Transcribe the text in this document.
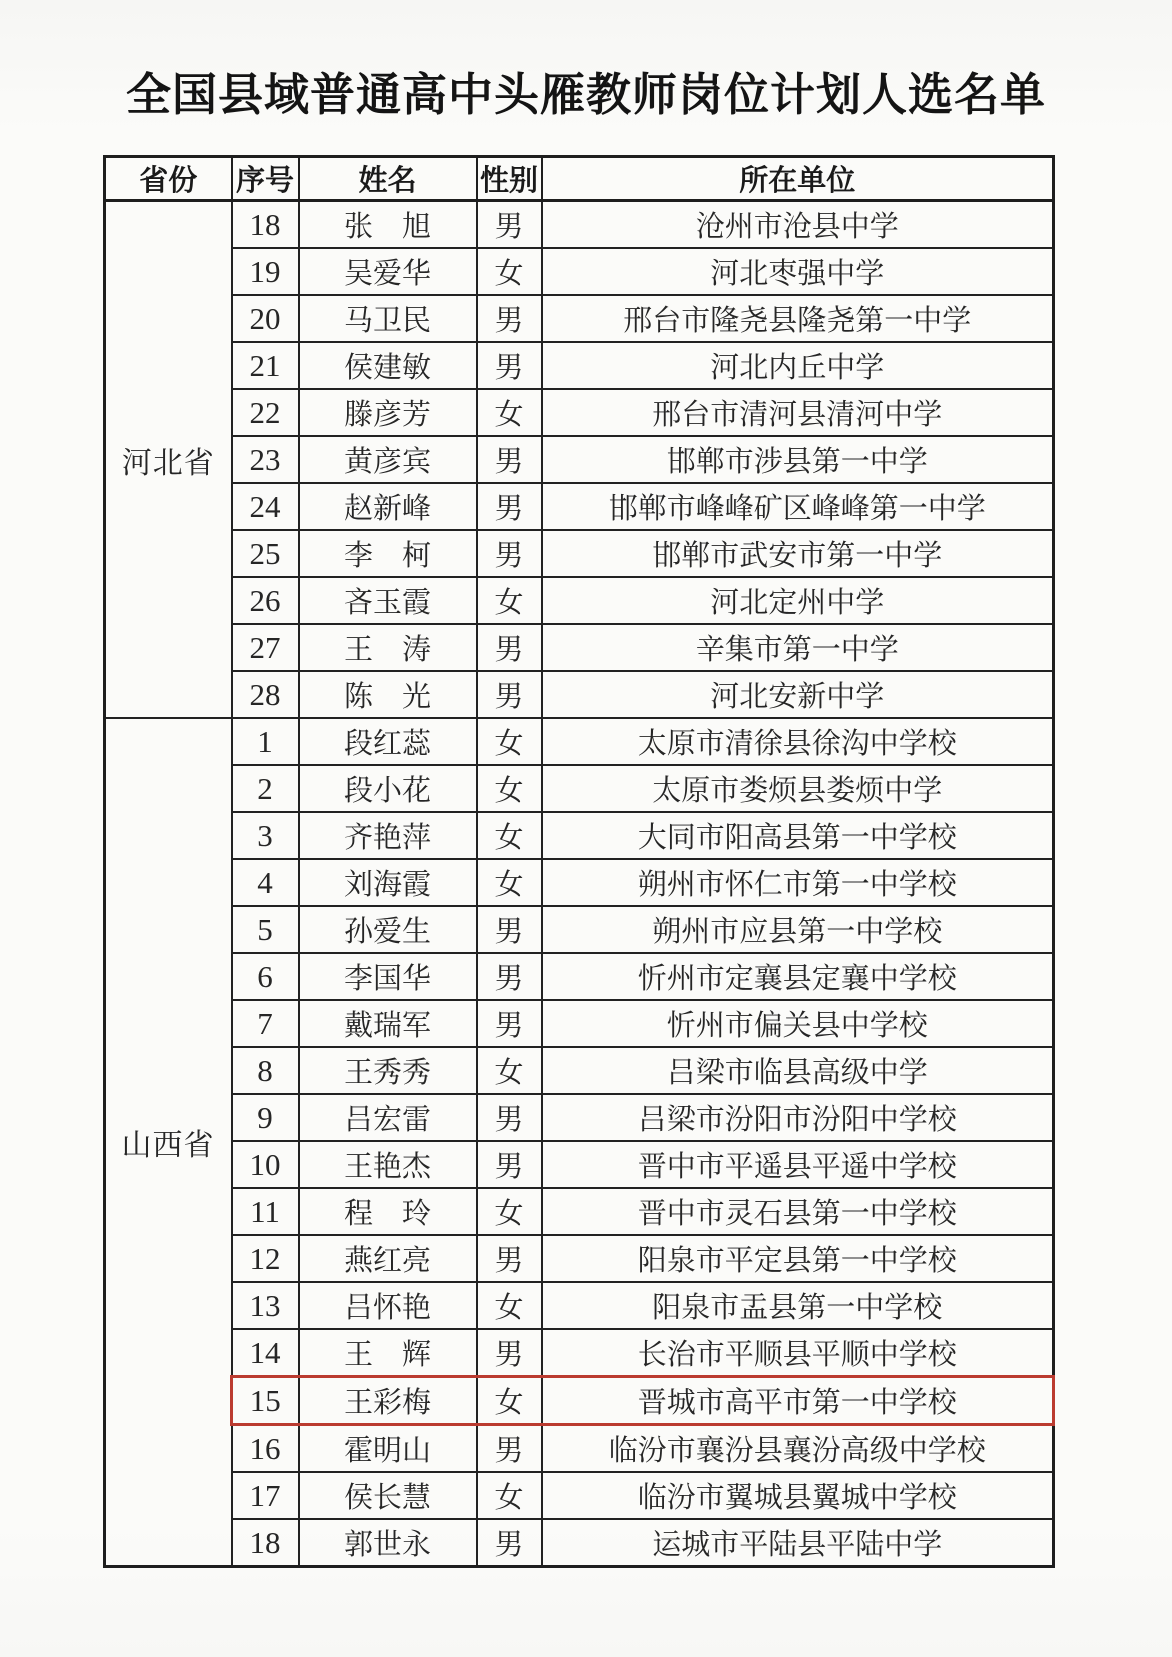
全国县域普通高中头雁教师岗位计划人选名单
省份	序号	姓名	性别	所在单位
河北省	18	张　旭	男	沧州市沧县中学
	19	吴爱华	女	河北枣强中学
	20	马卫民	男	邢台市隆尧县隆尧第一中学
	21	侯建敏	男	河北内丘中学
	22	滕彦芳	女	邢台市清河县清河中学
	23	黄彦宾	男	邯郸市涉县第一中学
	24	赵新峰	男	邯郸市峰峰矿区峰峰第一中学
	25	李　柯	男	邯郸市武安市第一中学
	26	吝玉霞	女	河北定州中学
	27	王　涛	男	辛集市第一中学
	28	陈　光	男	河北安新中学
山西省	1	段红蕊	女	太原市清徐县徐沟中学校
	2	段小花	女	太原市娄烦县娄烦中学
	3	齐艳萍	女	大同市阳高县第一中学校
	4	刘海霞	女	朔州市怀仁市第一中学校
	5	孙爱生	男	朔州市应县第一中学校
	6	李国华	男	忻州市定襄县定襄中学校
	7	戴瑞军	男	忻州市偏关县中学校
	8	王秀秀	女	吕梁市临县高级中学
	9	吕宏雷	男	吕梁市汾阳市汾阳中学校
	10	王艳杰	男	晋中市平遥县平遥中学校
	11	程　玲	女	晋中市灵石县第一中学校
	12	燕红亮	男	阳泉市平定县第一中学校
	13	吕怀艳	女	阳泉市盂县第一中学校
	14	王　辉	男	长治市平顺县平顺中学校
	15	王彩梅	女	晋城市高平市第一中学校
	16	霍明山	男	临汾市襄汾县襄汾高级中学校
	17	侯长慧	女	临汾市翼城县翼城中学校
	18	郭世永	男	运城市平陆县平陆中学
